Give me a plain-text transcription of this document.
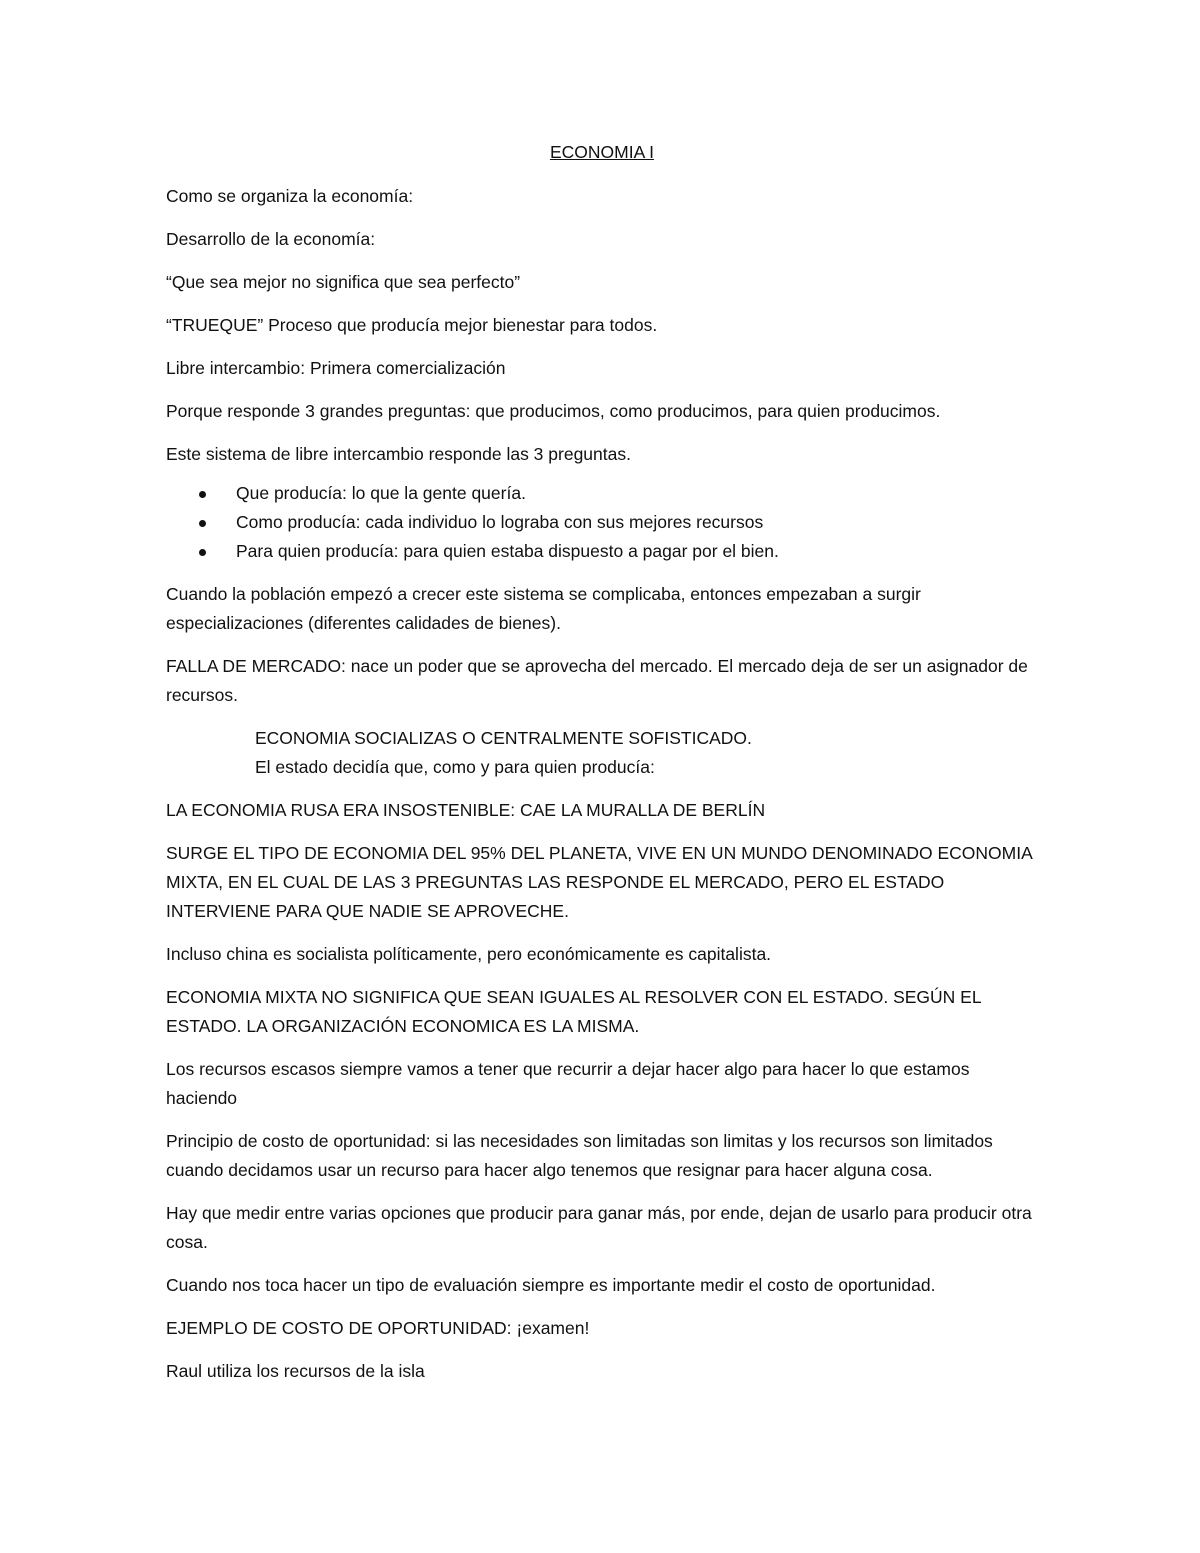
ECONOMIA I

Como se organiza la economía:

Desarrollo de la economía:

“Que sea mejor no significa que sea perfecto”

“TRUEQUE” Proceso que producía mejor bienestar para todos.

Libre intercambio: Primera comercialización

Porque responde 3 grandes preguntas: que producimos, como producimos, para quien producimos.

Este sistema de libre intercambio responde las 3 preguntas.

Que producía: lo que la gente quería.
Como producía: cada individuo lo lograba con sus mejores recursos
Para quien producía: para quien estaba dispuesto a pagar por el bien.

Cuando la población empezó a crecer este sistema se complicaba, entonces empezaban a surgir especializaciones (diferentes calidades de bienes).

FALLA DE MERCADO: nace un poder que se aprovecha del mercado. El mercado deja de ser un asignador de recursos.

ECONOMIA SOCIALIZAS O CENTRALMENTE SOFISTICADO.
El estado decidía que, como y para quien producía:

LA ECONOMIA RUSA ERA INSOSTENIBLE: CAE LA MURALLA DE BERLÍN

SURGE EL TIPO DE ECONOMIA DEL 95% DEL PLANETA, VIVE EN UN MUNDO DENOMINADO ECONOMIA MIXTA, EN EL CUAL DE LAS 3 PREGUNTAS LAS RESPONDE EL MERCADO, PERO EL ESTADO INTERVIENE PARA QUE NADIE SE APROVECHE.

Incluso china es socialista políticamente, pero económicamente es capitalista.

ECONOMIA MIXTA NO SIGNIFICA QUE SEAN IGUALES AL RESOLVER CON EL ESTADO. SEGÚN EL ESTADO. LA ORGANIZACIÓN ECONOMICA ES LA MISMA.

Los recursos escasos siempre vamos a tener que recurrir a dejar hacer algo para hacer lo que estamos haciendo

Principio de costo de oportunidad: si las necesidades son limitadas son limitas y los recursos son limitados cuando decidamos usar un recurso para hacer algo tenemos que resignar para hacer alguna cosa.

Hay que medir entre varias opciones que producir para ganar más, por ende, dejan de usarlo para producir otra cosa.

Cuando nos toca hacer un tipo de evaluación siempre es importante medir el costo de oportunidad.

EJEMPLO DE COSTO DE OPORTUNIDAD: ¡examen!

Raul utiliza los recursos de la isla
